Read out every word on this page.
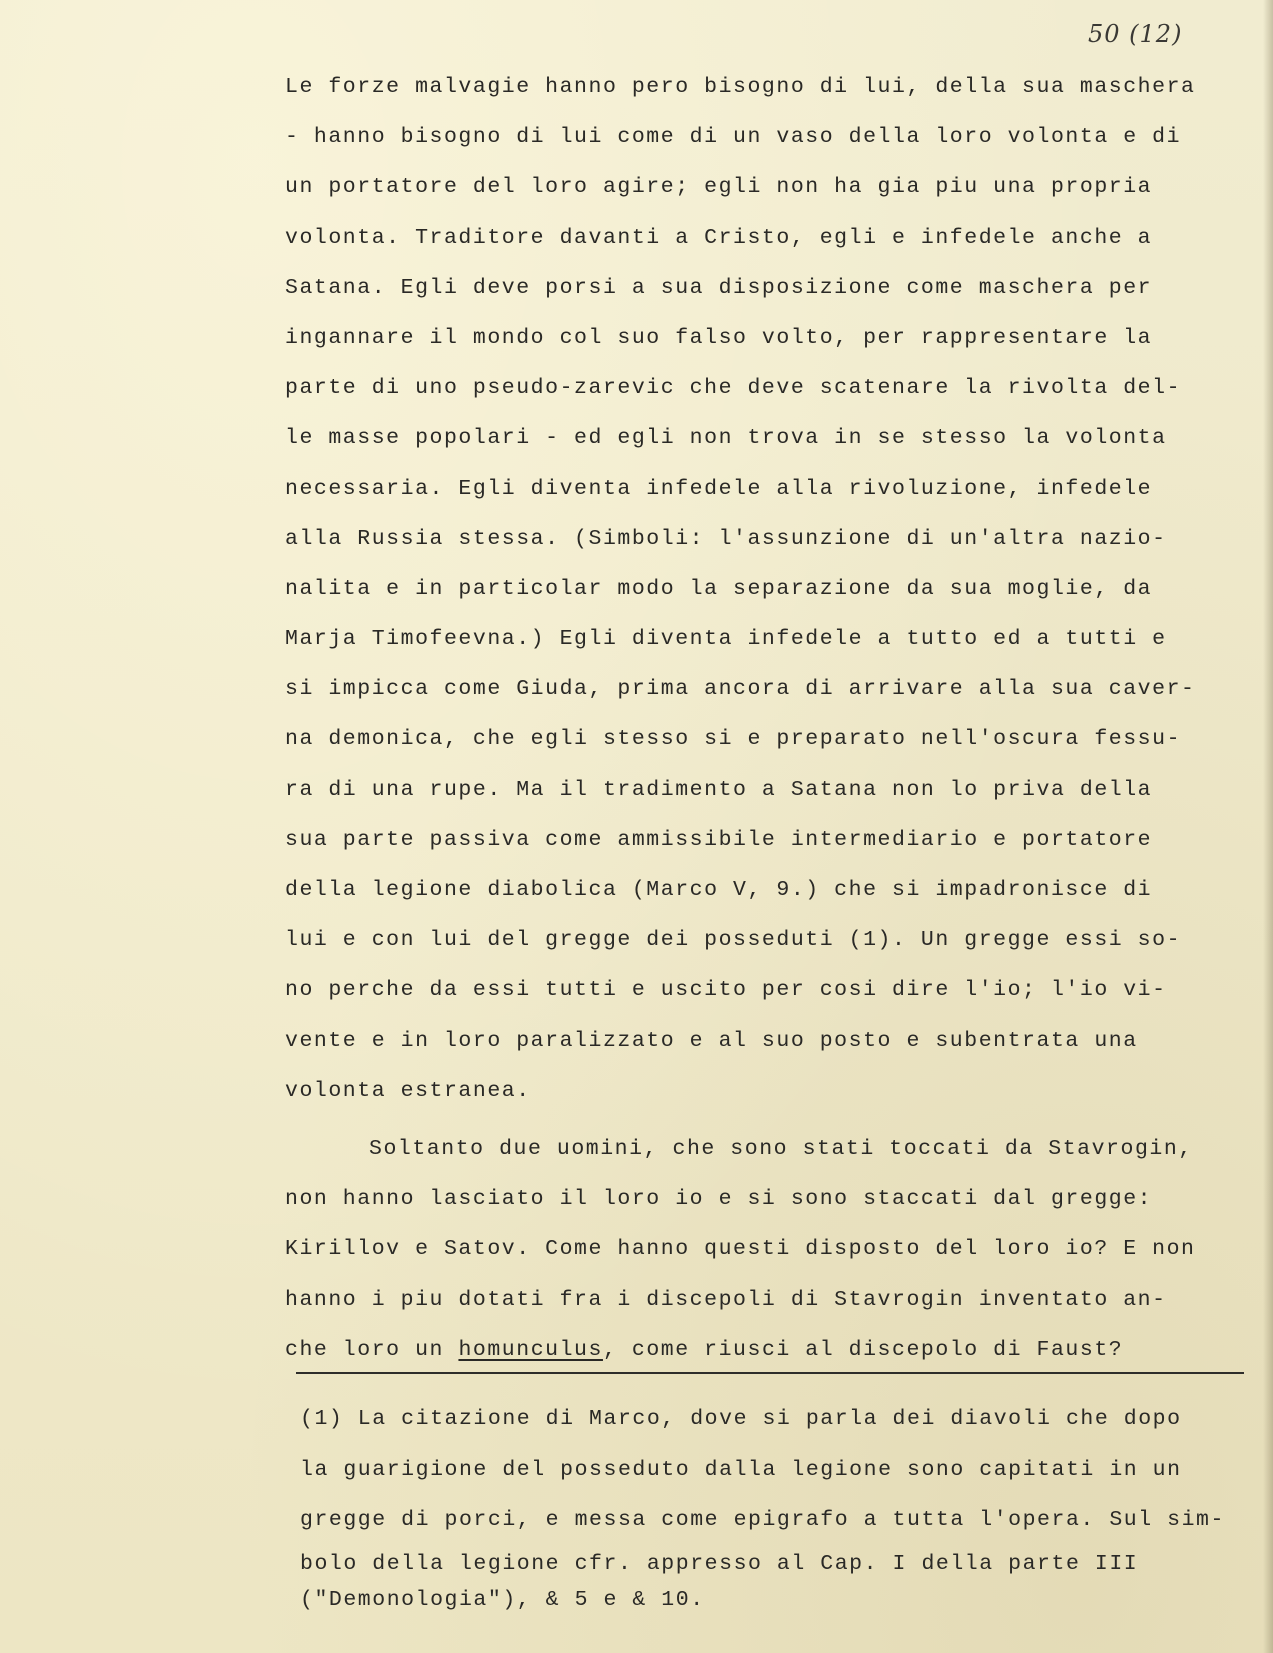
50 (12)
Le forze malvagie hanno pero bisogno di lui, della sua maschera
- hanno bisogno di lui come di un vaso della loro volonta e di
un portatore del loro agire; egli non ha gia piu una propria
volonta. Traditore davanti a Cristo, egli e infedele anche a
Satana. Egli deve porsi a sua disposizione come maschera per
ingannare il mondo col suo falso volto, per rappresentare la
parte di uno pseudo-zarevic che deve scatenare la rivolta del-
le masse popolari - ed egli non trova in se stesso la volonta
necessaria. Egli diventa infedele alla rivoluzione, infedele
alla Russia stessa. (Simboli: l'assunzione di un'altra nazio-
nalita e in particolar modo la separazione da sua moglie, da
Marja Timofeevna.) Egli diventa infedele a tutto ed a tutti e
si impicca come Giuda, prima ancora di arrivare alla sua caver-
na demonica, che egli stesso si e preparato nell'oscura fessu-
ra di una rupe. Ma il tradimento a Satana non lo priva della
sua parte passiva come ammissibile intermediario e portatore
della legione diabolica (Marco V, 9.) che si impadronisce di
lui e con lui del gregge dei posseduti (1). Un gregge essi so-
no perche da essi tutti e uscito per cosi dire l'io; l'io vi-
vente e in loro paralizzato e al suo posto e subentrata una
volonta estranea.
Soltanto due uomini, che sono stati toccati da Stavrogin,
non hanno lasciato il loro io e si sono staccati dal gregge:
Kirillov e Satov. Come hanno questi disposto del loro io? E non
hanno i piu dotati fra i discepoli di Stavrogin inventato an-
che loro un homunculus, come riusci al discepolo di Faust?
(1) La citazione di Marco, dove si parla dei diavoli che dopo
la guarigione del posseduto dalla legione sono capitati in un
gregge di porci, e messa come epigrafo a tutta l'opera. Sul sim-
bolo della legione cfr. appresso al Cap. I della parte III
("Demonologia"), & 5 e & 10.
